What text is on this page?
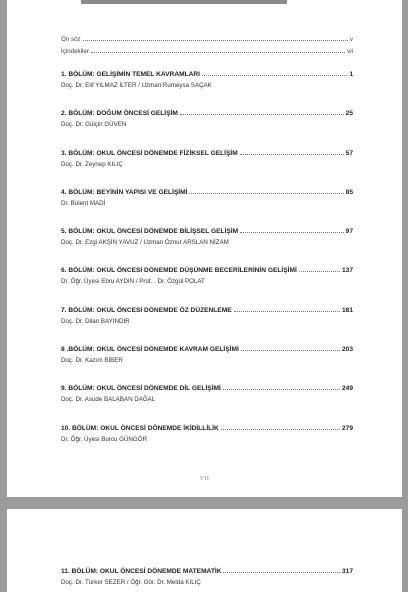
Ön söz	v
İçindekiler	vii
1. BÖLÜM: GELİŞİMİN TEMEL KAVRAMLARI	1
Doç. Dr. Elif YILMAZ İLTER / Uzman Rumeysa SAÇAK
2. BÖLÜM: DOĞUM ÖNCESİ GELİŞİM	25
Doç. Dr. Gülçin GÜVEN
3. BÖLÜM: OKUL ÖNCESİ DÖNEMDE FİZİKSEL GELİŞİM	57
Doç. Dr. Zeynep KILIÇ
4. BÖLÜM: BEYİNİN YAPISI VE GELİŞİMİ	85
Dr. Bülent MADİ
5. BÖLÜM: OKUL ÖNCESİ DÖNEMDE BİLİŞSEL GELİŞİM	97
Doç. Dr. Ezgi AKŞİN YAVUZ / Uzman Öznur ARSLAN NİZAM
6. BÖLÜM: OKUL ÖNCESİ DÖNEMDE DÜŞÜNME BECERİLERİNİN GELİŞİMİ	137
Dr. Öğr. Üyesi Ebru AYDIN / Prof. . Dr. Özgül POLAT
7. BÖLÜM: OKUL ÖNCESİ DÖNEMDE ÖZ DÜZENLEME	181
Doç. Dr. Dilan BAYINDIR
8 .BÖLÜM: OKUL ÖNCESİ DÖNEMDE KAVRAM GELİŞİMİ	203
Doç. Dr. Kazım BİBER
9. BÖLÜM: OKUL ÖNCESİ DÖNEMDE DİL GELİŞİMİ	249
Doç. Dr. Asude BALABAN DAĞAL
10. BÖLÜM: OKUL ÖNCESİ DÖNEMDE İKİDİLLİLİK	279
Dr. Öğr. Üyesi Burcu GÜNGÖR
VII
11. BÖLÜM: OKUL ÖNCESİ DÖNEMDE MATEMATİK	317
Doç. Dr. Türker SEZER / Öğr. Gör. Dr. Melda KILIÇ
